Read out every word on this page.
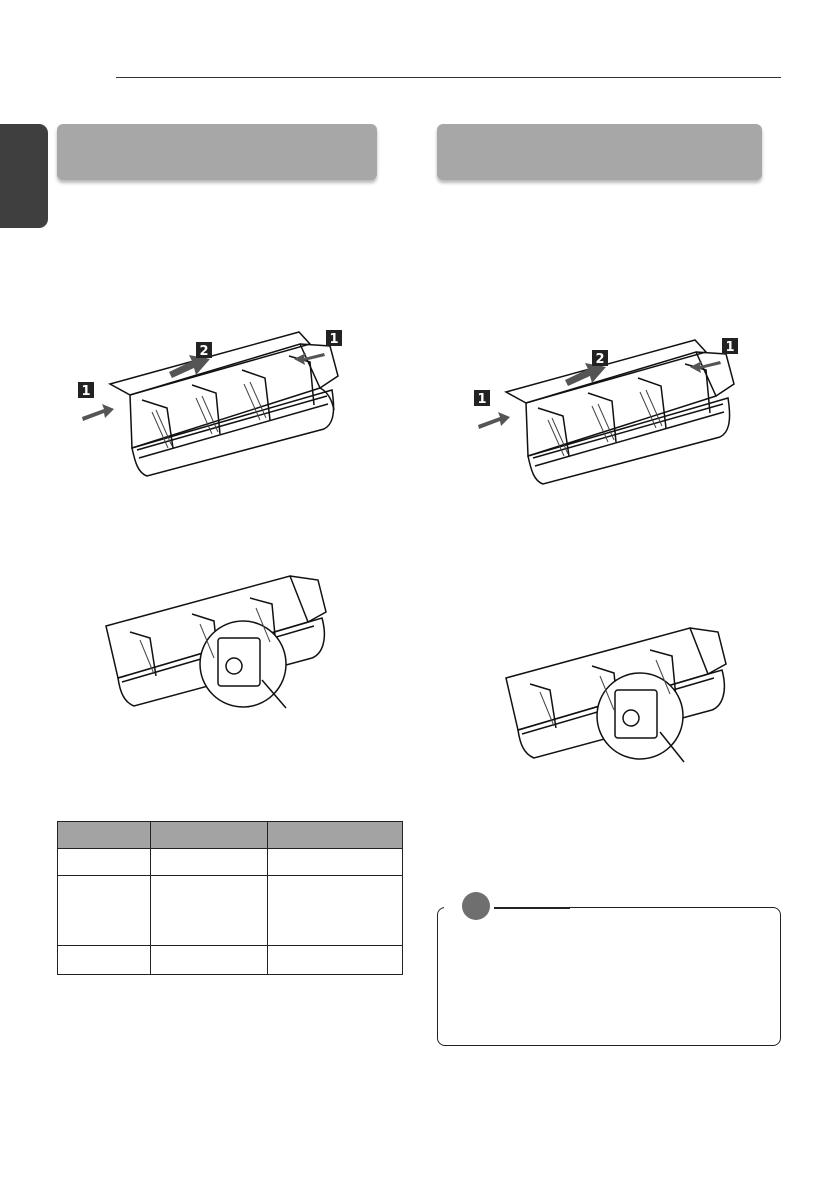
1
1
2
1
1
2
